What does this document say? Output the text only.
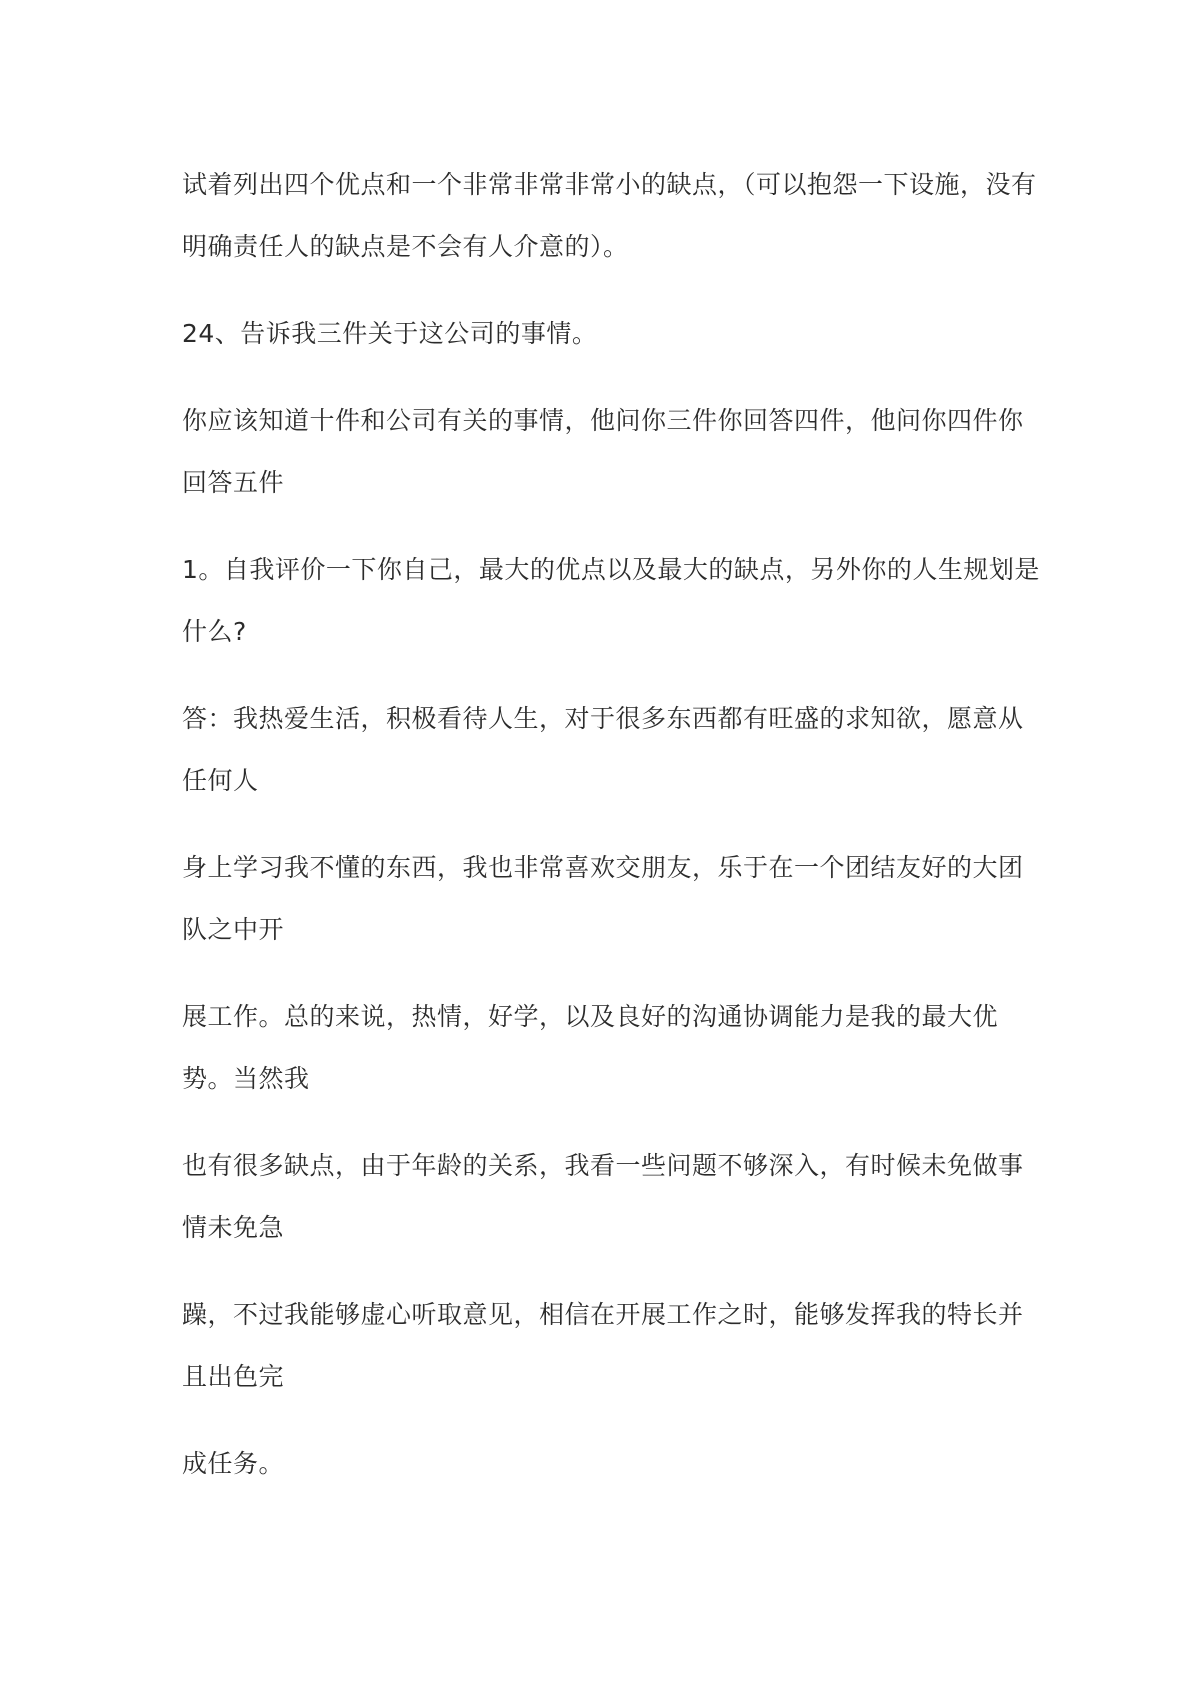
试着列出四个优点和一个非常非常非常小的缺点，（可以抱怨一下设施，没有明确责任人的缺点是不会有人介意的）。

24、告诉我三件关于这公司的事情。

你应该知道十件和公司有关的事情，他问你三件你回答四件，他问你四件你回答五件

1。自我评价一下你自己，最大的优点以及最大的缺点，另外你的人生规划是什么?

答：我热爱生活，积极看待人生，对于很多东西都有旺盛的求知欲，愿意从任何人

身上学习我不懂的东西，我也非常喜欢交朋友，乐于在一个团结友好的大团队之中开

展工作。总的来说，热情，好学，以及良好的沟通协调能力是我的最大优势。当然我

也有很多缺点，由于年龄的关系，我看一些问题不够深入，有时候未免做事情未免急

躁，不过我能够虚心听取意见，相信在开展工作之时，能够发挥我的特长并且出色完

成任务。
